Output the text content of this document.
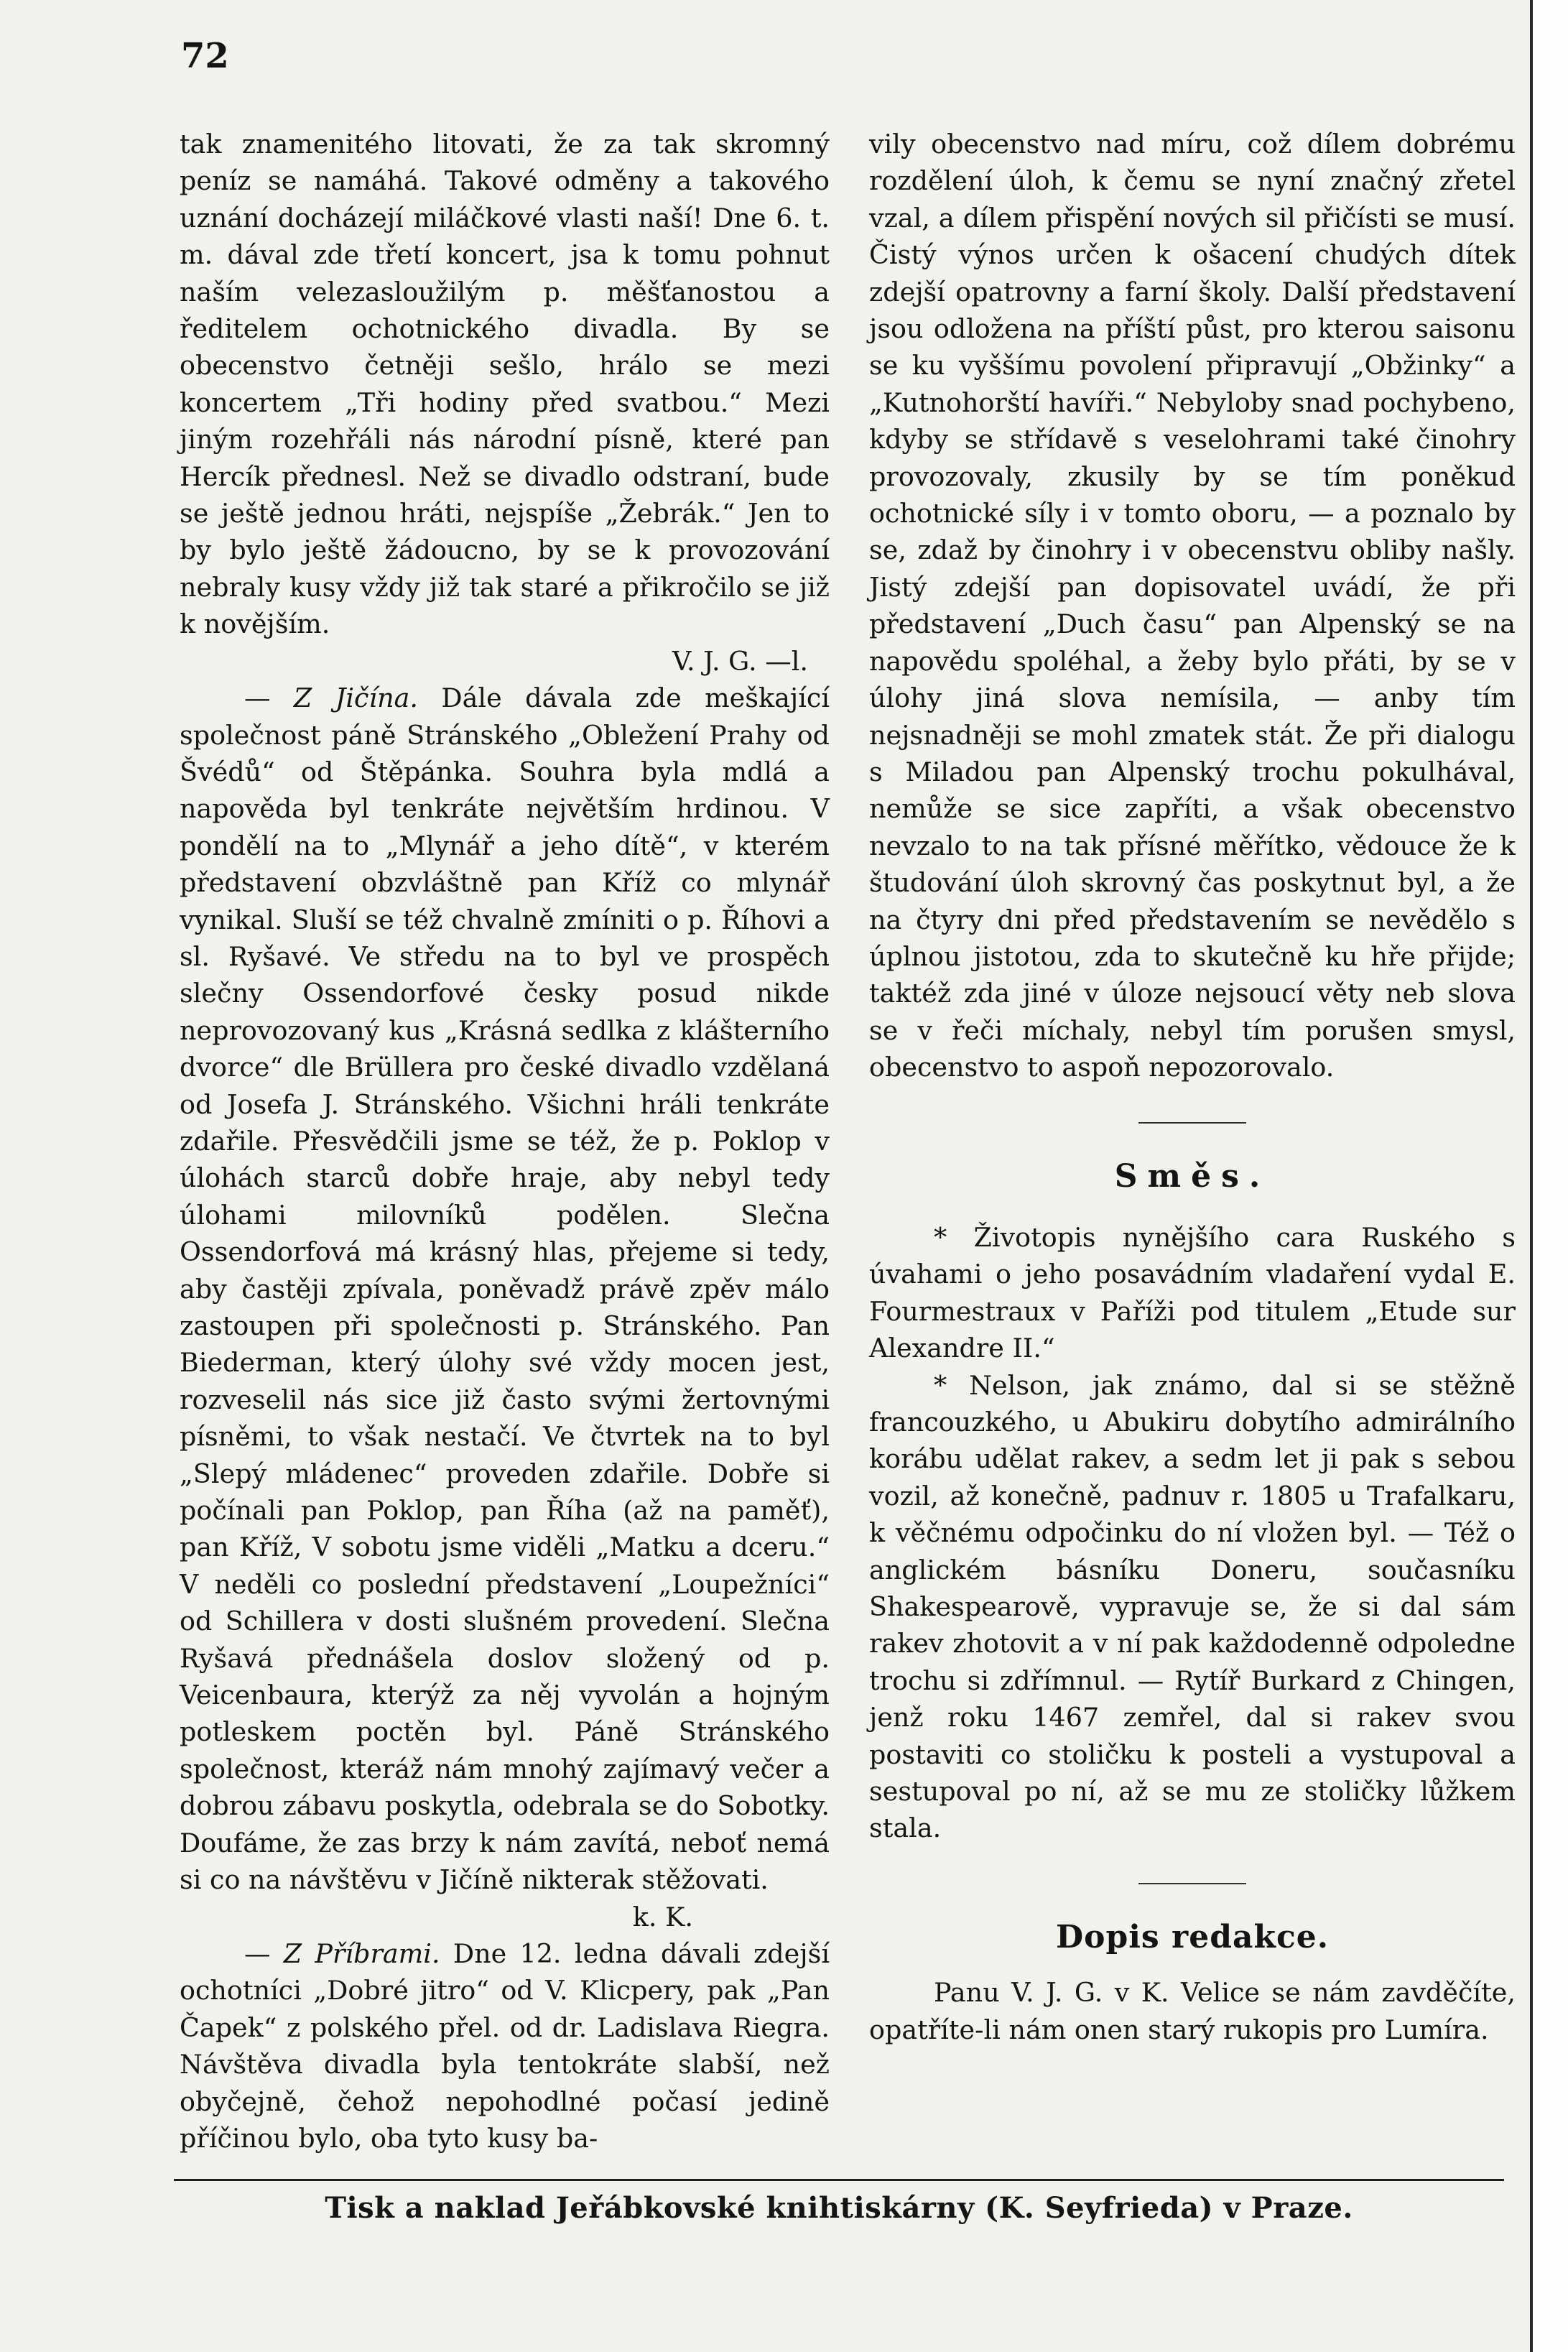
72

tak znamenitého litovati, že za tak skromný peníz se namáhá. Takové odměny a takového uznání docházejí miláčkové vlasti naší! Dne 6. t. m. dával zde třetí koncert, jsa k tomu pohnut naším velezasloužilým p. měšťanostou a ředitelem ochotnického divadla. By se obecenstvo četněji sešlo, hrálo se mezi koncertem „Tři hodiny před svatbou.“ Mezi jiným rozehřáli nás národní písně, které pan Hercík přednesl. Než se divadlo odstraní, bude se ještě jednou hráti, nejspíše „Žebrák.“ Jen to by bylo ještě žádoucno, by se k provozování nebraly kusy vždy již tak staré a přikročilo se již k novějším.

V. J. G. —l.

— Z Jičína. Dále dávala zde meškající společnost páně Stránského „Obležení Prahy od Švédů“ od Štěpánka. Souhra byla mdlá a napověda byl tenkráte největším hrdinou. V pondělí na to „Mlynář a jeho dítě“, v kterém představení obzvláštně pan Kříž co mlynář vynikal. Sluší se též chvalně zmíniti o p. Říhovi a sl. Ryšavé. Ve středu na to byl ve prospěch slečny Ossendorfové česky posud nikde neprovozovaný kus „Krásná sedlka z klášterního dvorce“ dle Brüllera pro české divadlo vzdělaná od Josefa J. Stránského. Všichni hráli tenkráte zdařile. Přesvědčili jsme se též, že p. Poklop v úlohách starců dobře hraje, aby nebyl tedy úlohami milovníků podělen. Slečna Ossendorfová má krásný hlas, přejeme si tedy, aby častěji zpívala, poněvadž právě zpěv málo zastoupen při společnosti p. Stránského. Pan Biederman, který úlohy své vždy mocen jest, rozveselil nás sice již často svými žertovnými písněmi, to však nestačí. Ve čtvrtek na to byl „Slepý mládenec“ proveden zdařile. Dobře si počínali pan Poklop, pan Říha (až na paměť), pan Kříž, V sobotu jsme viděli „Matku a dceru.“ V neděli co poslední představení „Loupežníci“ od Schillera v dosti slušném provedení. Slečna Ryšavá přednášela doslov složený od p. Veicenbaura, kterýž za něj vyvolán a hojným potleskem poctěn byl. Páně Stránského společnost, kteráž nám mnohý zajímavý večer a dobrou zábavu poskytla, odebrala se do Sobotky. Doufáme, že zas brzy k nám zavítá, neboť nemá si co na návštěvu v Jičíně nikterak stěžovati.

k. K.

— Z Příbrami. Dne 12. ledna dávali zdejší ochotníci „Dobré jitro“ od V. Klicpery, pak „Pan Čapek“ z polského přel. od dr. Ladislava Riegra. Návštěva divadla byla tentokráte slabší, než obyčejně, čehož nepohodlné počasí jedině příčinou bylo, oba tyto kusy ba-

vily obecenstvo nad míru, což dílem dobrému rozdělení úloh, k čemu se nyní značný zřetel vzal, a dílem přispění nových sil přičísti se musí. Čistý výnos určen k ošacení chudých dítek zdejší opatrovny a farní školy. Další představení jsou odložena na příští půst, pro kterou saisonu se ku vyššímu povolení připravují „Obžinky“ a „Kutnohorští havíři.“ Nebyloby snad pochybeno, kdyby se střídavě s veselohrami také činohry provozovaly, zkusily by se tím poněkud ochotnické síly i v tomto oboru, — a poznalo by se, zdaž by činohry i v obecenstvu obliby našly. Jistý zdejší pan dopisovatel uvádí, že při představení „Duch času“ pan Alpenský se na napovědu spoléhal, a žeby bylo přáti, by se v úlohy jiná slova nemísila, — anby tím nejsnadněji se mohl zmatek stát. Že při dialogu s Miladou pan Alpenský trochu pokulhával, nemůže se sice zapříti, a však obecenstvo nevzalo to na tak přísné měřítko, vědouce že k študování úloh skrovný čas poskytnut byl, a že na čtyry dni před představením se nevědělo s úplnou jistotou, zda to skutečně ku hře přijde; taktéž zda jiné v úloze nejsoucí věty neb slova se v řeči míchaly, nebyl tím porušen smysl, obecenstvo to aspoň nepozorovalo.

Směs.

* Životopis nynějšího cara Ruského s úvahami o jeho posavádním vladaření vydal E. Fourmestraux v Paříži pod titulem „Etude sur Alexandre II.“

* Nelson, jak známo, dal si se stěžně francouzkého, u Abukiru dobytího admirálního korábu udělat rakev, a sedm let ji pak s sebou vozil, až konečně, padnuv r. 1805 u Trafalkaru, k věčnému odpočinku do ní vložen byl. — Též o anglickém básníku Doneru, současníku Shakespearově, vypravuje se, že si dal sám rakev zhotovit a v ní pak každodenně odpoledne trochu si zdřímnul. — Rytíř Burkard z Chingen, jenž roku 1467 zemřel, dal si rakev svou postaviti co stoličku k posteli a vystupoval a sestupoval po ní, až se mu ze stoličky lůžkem stala.

Dopis redakce.

Panu V. J. G. v K. Velice se nám zavděčíte, opatříte-li nám onen starý rukopis pro Lumíra.

Tisk a naklad Jeřábkovské knihtiskárny (K. Seyfrieda) v Praze.
